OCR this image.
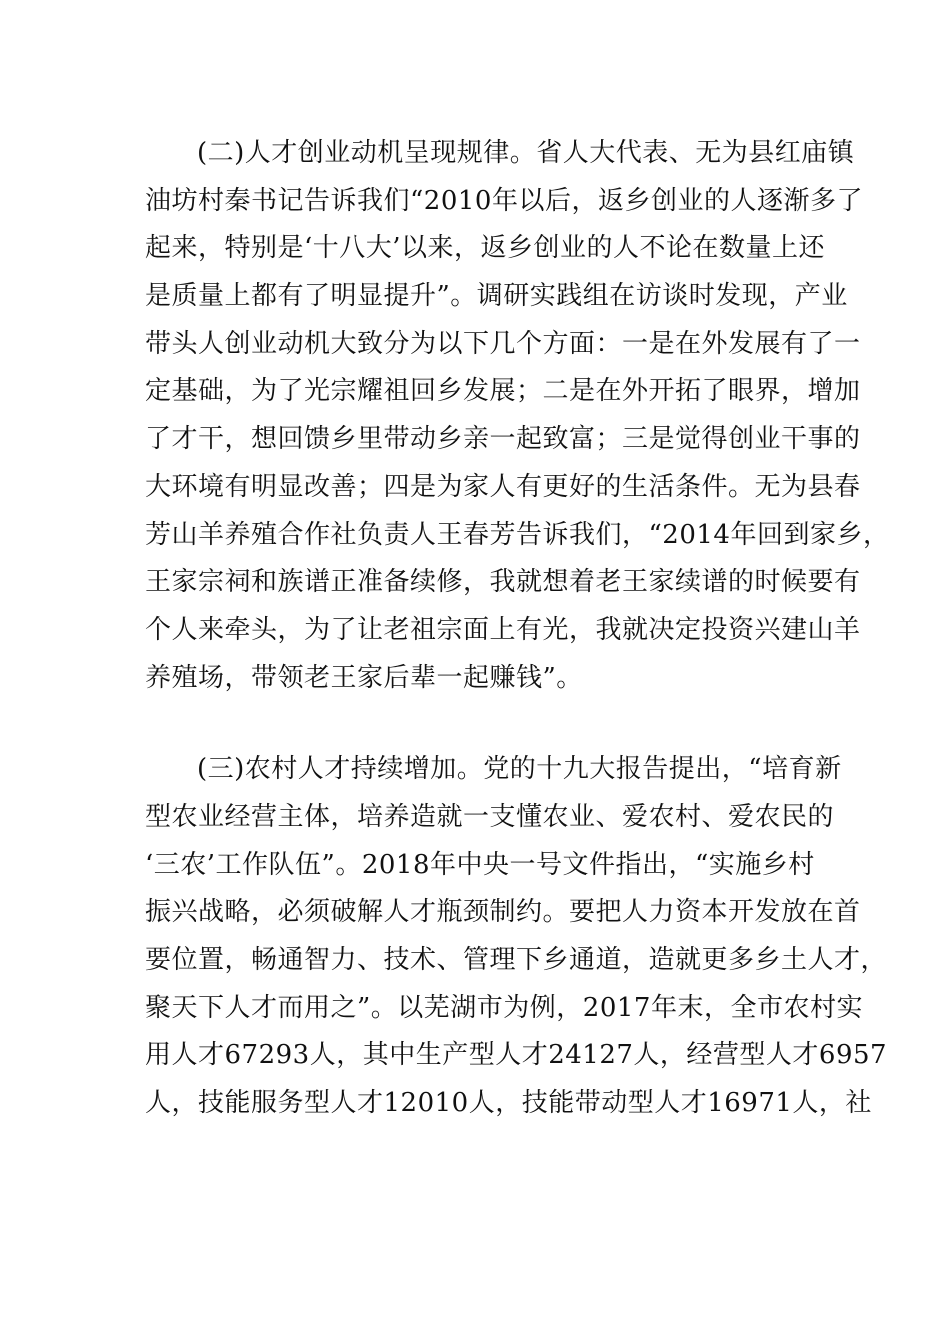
(二)人才创业动机呈现规律。省人大代表、无为县红庙镇
油坊村秦书记告诉我们“2010年以后，返乡创业的人逐渐多了
起来，特别是‘十八大’以来，返乡创业的人不论在数量上还
是质量上都有了明显提升”。调研实践组在访谈时发现，产业
带头人创业动机大致分为以下几个方面：一是在外发展有了一
定基础，为了光宗耀祖回乡发展；二是在外开拓了眼界，增加
了才干，想回馈乡里带动乡亲一起致富；三是觉得创业干事的
大环境有明显改善；四是为家人有更好的生活条件。无为县春
芳山羊养殖合作社负责人王春芳告诉我们，“2014年回到家乡，
王家宗祠和族谱正准备续修，我就想着老王家续谱的时候要有
个人来牵头，为了让老祖宗面上有光，我就决定投资兴建山羊
养殖场，带领老王家后辈一起赚钱”。
(三)农村人才持续增加。党的十九大报告提出，“培育新
型农业经营主体，培养造就一支懂农业、爱农村、爱农民的
‘三农’工作队伍”。2018年中央一号文件指出，“实施乡村
振兴战略，必须破解人才瓶颈制约。要把人力资本开发放在首
要位置，畅通智力、技术、管理下乡通道，造就更多乡土人才，
聚天下人才而用之”。以芜湖市为例，2017年末，全市农村实
用人才67293人，其中生产型人才24127人，经营型人才6957
人，技能服务型人才12010人，技能带动型人才16971人，社
